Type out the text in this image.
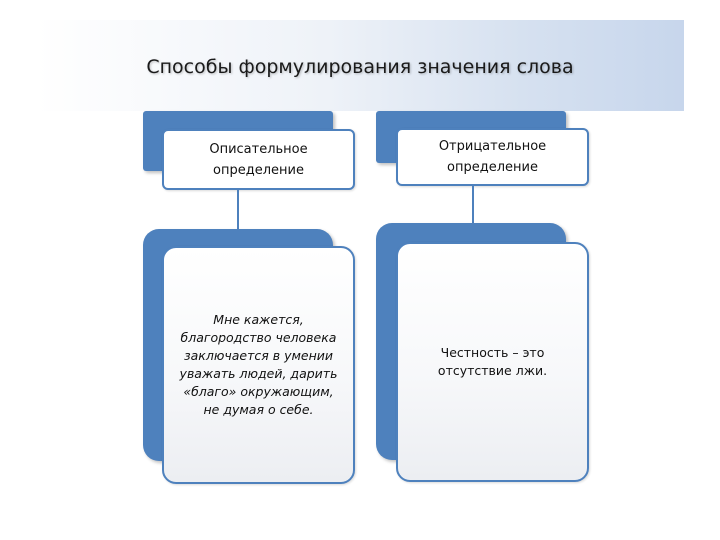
Способы формулирования значения слова
Описательное определение
Мне кажется, благородство человека заключается в умении уважать людей, дарить «благо» окружающим, не думая о себе.
Отрицательное определение
Честность – это отсутствие лжи.
